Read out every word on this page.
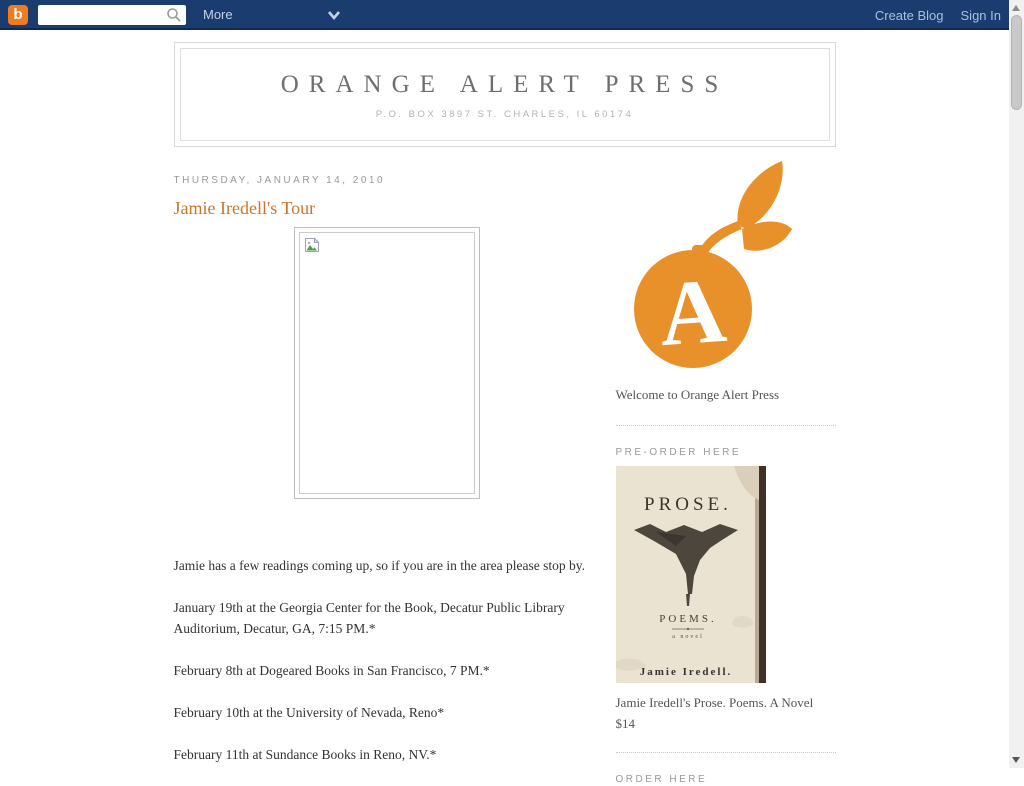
b	More	Create Blog Sign In
ORANGE ALERT PRESS
P.O. BOX 3897 ST. CHARLES, IL 60174
THURSDAY, JANUARY 14, 2010
Jamie Iredell's Tour

Jamie has a few readings coming up, so if you are in the area please stop by.

January 19th at the Georgia Center for the Book, Decatur Public Library Auditorium, Decatur, GA, 7:15 PM.*

February 8th at Dogeared Books in San Francisco, 7 PM.*

February 10th at the University of Nevada, Reno*

February 11th at Sundance Books in Reno, NV.*

A
Welcome to Orange Alert Press
PRE-ORDER HERE
PROSE.
POEMS.
a novel
Jamie Iredell.
Jamie Iredell's Prose. Poems. A Novel
$14
ORDER HERE
